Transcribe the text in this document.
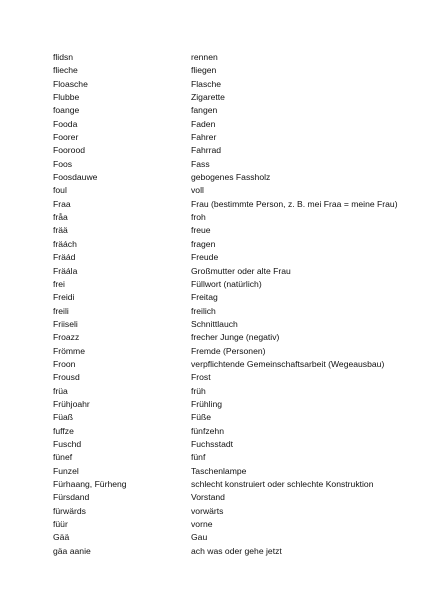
flidsn	rennen
flieche	fliegen
Floasche	Flasche
Flubbe	Zigarette
foange	fangen
Fooda	Faden
Foorer	Fahrer
Foorood	Fahrrad
Foos	Fass
Foosdauwe	gebogenes Fassholz
foul	voll
Fraa	Frau (bestimmte Person, z. B. mei Fraa = meine Frau)
fråa	froh
frää	freue
fräách	fragen
Fräád	Freude
Fräála	Großmutter oder alte Frau
frei	Füllwort (natürlich)
Freidi	Freitag
freili	freilich
Friiseli	Schnittlauch
Froazz	frecher Junge (negativ)
Frömme	Fremde (Personen)
Froon	verpflichtende Gemeinschaftsarbeit (Wegeausbau)
Frousd	Frost
früa	früh
Frühjoahr	Frühling
Füaß	Füße
fuffze	fünfzehn
Fuschd	Fuchsstadt
fünef	fünf
Funzel	Taschenlampe
Fürhaang, Fürheng	schlecht konstruiert oder schlechte Konstruktion
Fürsdand	Vorstand
fürwärds	vorwärts
füür	vorne
Gää	Gau
gäa aanie	ach was oder gehe jetzt
